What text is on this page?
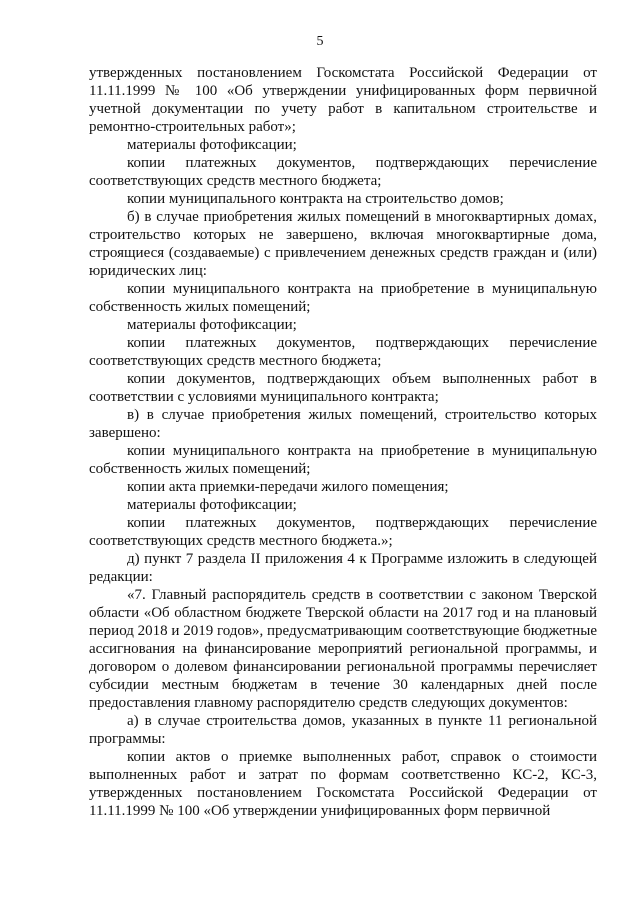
5

утвержденных постановлением Госкомстата Российской Федерации от 11.11.1999 № 100 «Об утверждении унифицированных форм первичной учетной документации по учету работ в капитальном строительстве и ремонтно-строительных работ»;

материалы фотофиксации;

копии платежных документов, подтверждающих перечисление соответствующих средств местного бюджета;

копии муниципального контракта на строительство домов;

б) в случае приобретения жилых помещений в многоквартирных домах, строительство которых не завершено, включая многоквартирные дома, строящиеся (создаваемые) с привлечением денежных средств граждан и (или) юридических лиц:

копии муниципального контракта на приобретение в муниципальную собственность жилых помещений;

материалы фотофиксации;

копии платежных документов, подтверждающих перечисление соответствующих средств местного бюджета;

копии документов, подтверждающих объем выполненных работ в соответствии с условиями муниципального контракта;

в) в случае приобретения жилых помещений, строительство которых завершено:

копии муниципального контракта на приобретение в муниципальную собственность жилых помещений;

копии акта приемки-передачи жилого помещения;

материалы фотофиксации;

копии платежных документов, подтверждающих перечисление соответствующих средств местного бюджета.»;

д) пункт 7 раздела II приложения 4 к Программе изложить в следующей редакции:

«7. Главный распорядитель средств в соответствии с законом Тверской области «Об областном бюджете Тверской области на 2017 год и на плановый период 2018 и 2019 годов», предусматривающим соответствующие бюджетные ассигнования на финансирование мероприятий региональной программы, и договором о долевом финансировании региональной программы перечисляет субсидии местным бюджетам в течение 30 календарных дней после предоставления главному распорядителю средств следующих документов:

а) в случае строительства домов, указанных в пункте 11 региональной программы:

копии актов о приемке выполненных работ, справок о стоимости выполненных работ и затрат по формам соответственно КС-2, КС-3, утвержденных постановлением Госкомстата Российской Федерации от 11.11.1999 № 100 «Об утверждении унифицированных форм первичной
